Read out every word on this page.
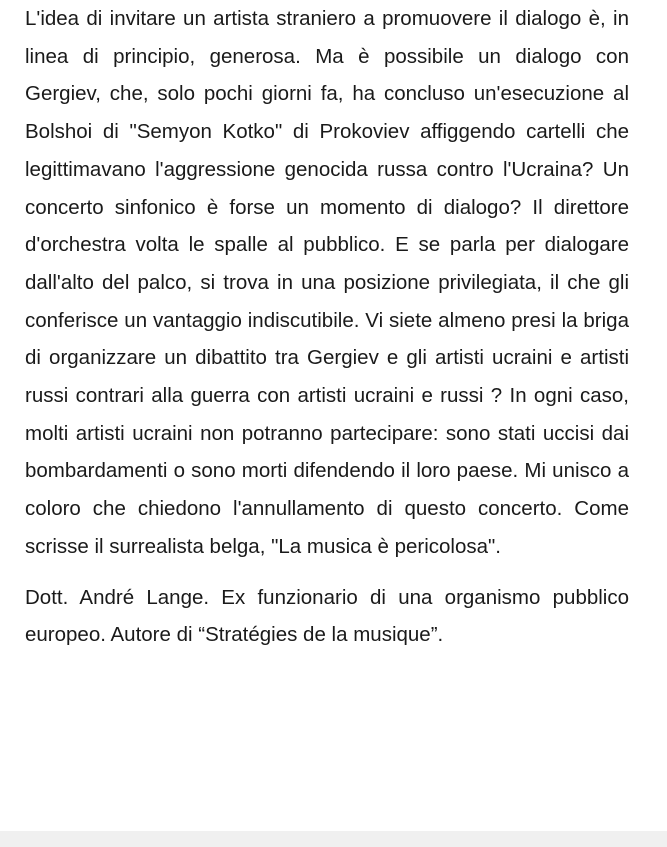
L'idea di invitare un artista straniero a promuovere il dialogo è, in linea di principio, generosa. Ma è possibile un dialogo con Gergiev, che, solo pochi giorni fa, ha concluso un'esecuzione al Bolshoi di "Semyon Kotko" di Prokoviev affiggendo cartelli che legittimavano l'aggressione genocida russa contro l'Ucraina? Un concerto sinfonico è forse un momento di dialogo? Il direttore d'orchestra volta le spalle al pubblico. E se parla per dialogare dall'alto del palco, si trova in una posizione privilegiata, il che gli conferisce un vantaggio indiscutibile. Vi siete almeno presi la briga di organizzare un dibattito tra Gergiev e gli artisti ucraini e artisti russi contrari alla guerra con artisti ucraini e russi ? In ogni caso, molti artisti ucraini non potranno partecipare: sono stati uccisi dai bombardamenti o sono morti difendendo il loro paese. Mi unisco a coloro che chiedono l'annullamento di questo concerto. Come scrisse il surrealista belga, "La musica è pericolosa".

Dott. André Lange. Ex funzionario di una organismo pubblico europeo. Autore di “Stratégies de la musique”.
